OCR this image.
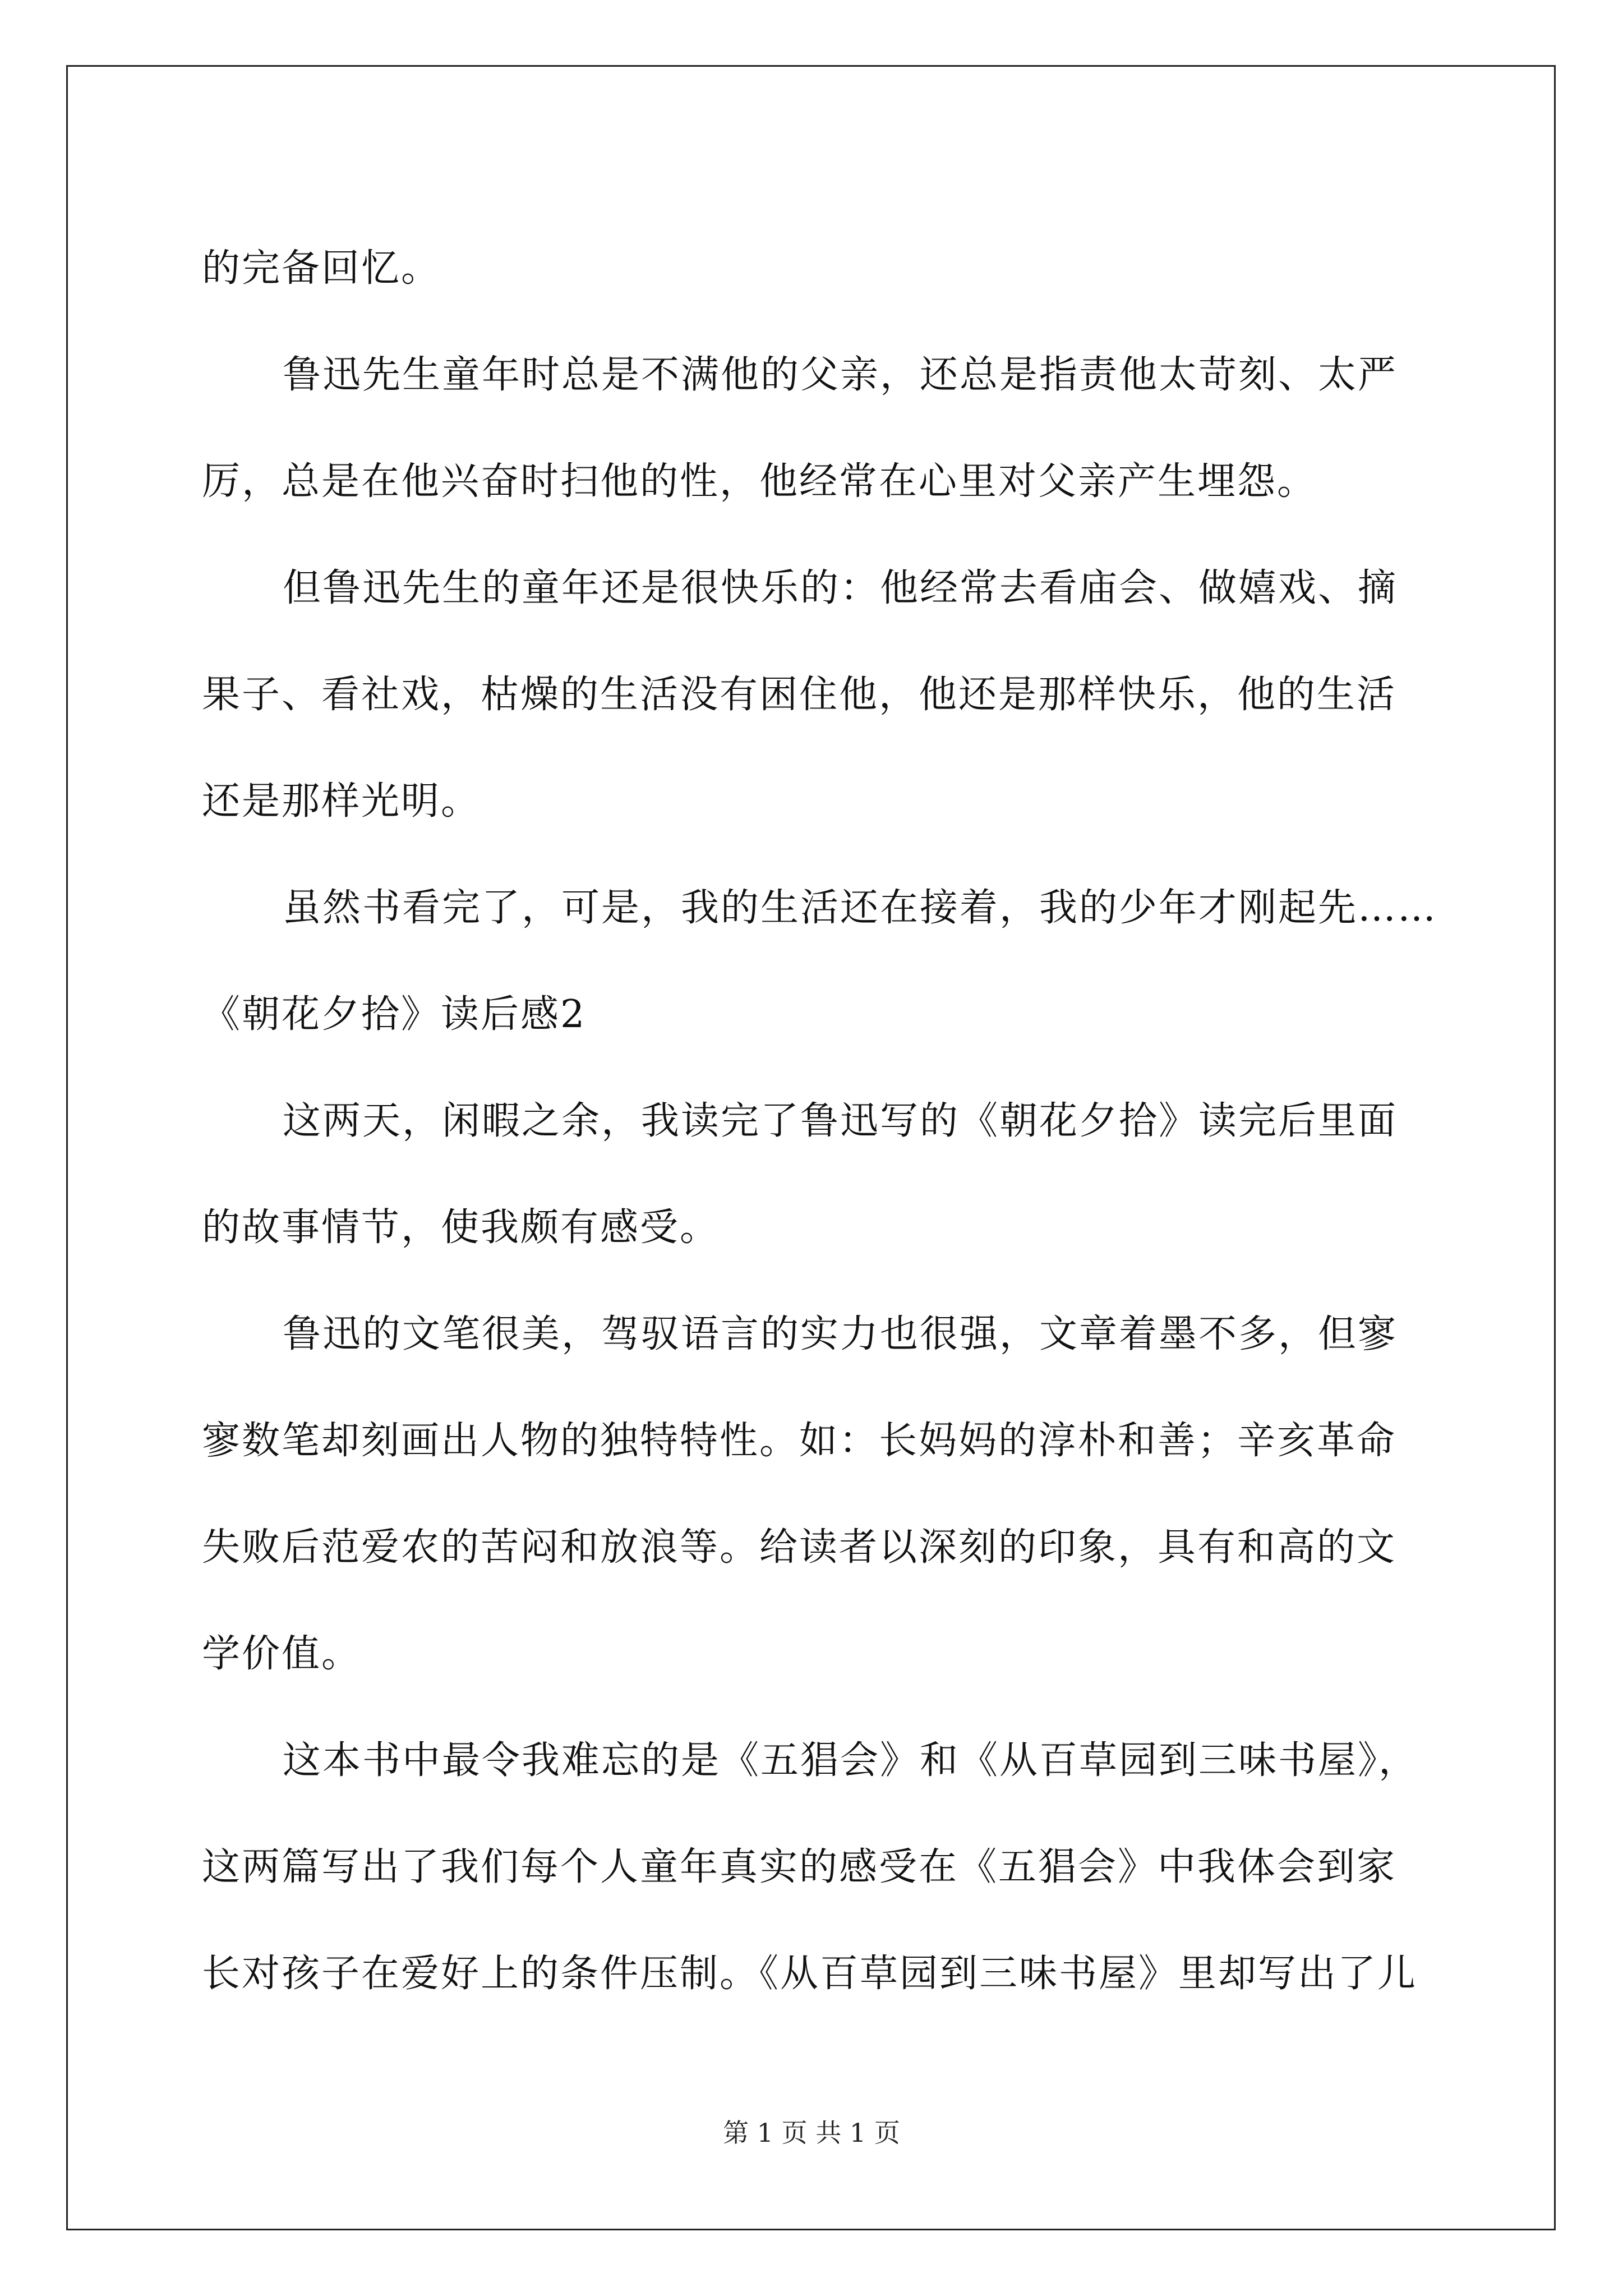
的完备回忆。
鲁迅先生童年时总是不满他的父亲，还总是指责他太苛刻、太严
厉，总是在他兴奋时扫他的性，他经常在心里对父亲产生埋怨。
但鲁迅先生的童年还是很快乐的：他经常去看庙会、做嬉戏、摘
果子、看社戏，枯燥的生活没有困住他，他还是那样快乐，他的生活
还是那样光明。
虽然书看完了，可是，我的生活还在接着，我的少年才刚起先……
《朝花夕拾》读后感2
这两天，闲暇之余，我读完了鲁迅写的《朝花夕拾》读完后里面
的故事情节，使我颇有感受。
鲁迅的文笔很美，驾驭语言的实力也很强，文章着墨不多，但寥
寥数笔却刻画出人物的独特特性。如：长妈妈的淳朴和善；辛亥革命
失败后范爱农的苦闷和放浪等。给读者以深刻的印象，具有和高的文
学价值。
这本书中最令我难忘的是《五猖会》和《从百草园到三味书屋》，
这两篇写出了我们每个人童年真实的感受在《五猖会》中我体会到家
长对孩子在爱好上的条件压制。《从百草园到三味书屋》里却写出了儿
第 1 页 共 1 页
